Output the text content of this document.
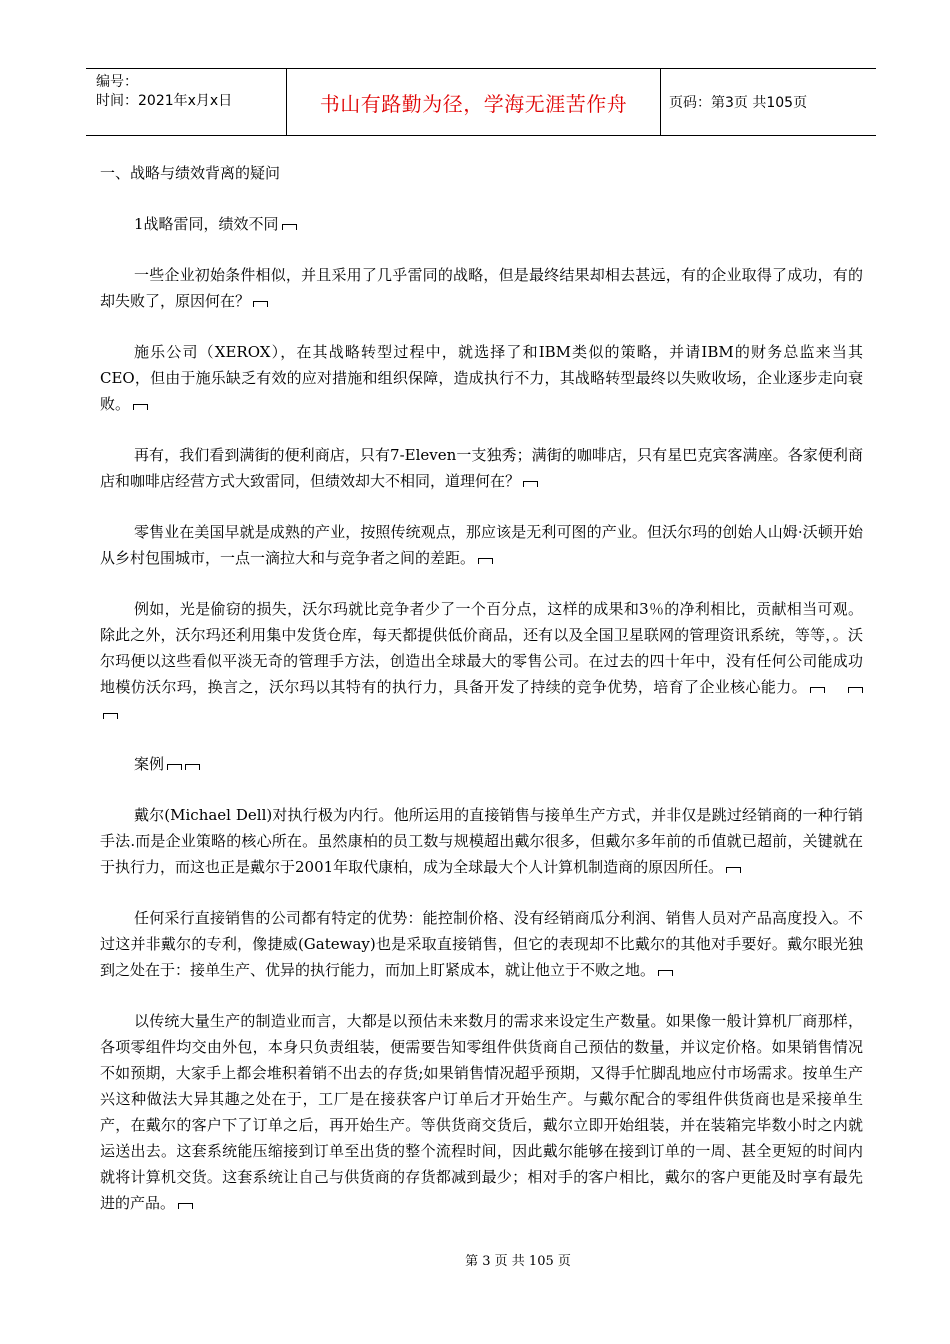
编号：
时间：2021年x月x日	书山有路勤为径，学海无涯苦作舟	页码：第3页 共105页

一、战略与绩效背离的疑问

1战略雷同，绩效不同

一些企业初始条件相似，并且采用了几乎雷同的战略，但是最终结果却相去甚远，有的企业取得了成功，有的却失败了，原因何在？

施乐公司（XEROX），在其战略转型过程中，就选择了和IBM类似的策略，并请IBM的财务总监来当其CEO，但由于施乐缺乏有效的应对措施和组织保障，造成执行不力，其战略转型最终以失败收场，企业逐步走向衰败。

再有，我们看到满街的便利商店，只有7-Eleven一支独秀；满街的咖啡店，只有星巴克宾客满座。各家便利商店和咖啡店经营方式大致雷同，但绩效却大不相同，道理何在？

零售业在美国早就是成熟的产业，按照传统观点，那应该是无利可图的产业。但沃尔玛的创始人山姆·沃顿开始从乡村包围城市，一点一滴拉大和与竞争者之间的差距。

例如，光是偷窃的损失，沃尔玛就比竞争者少了一个百分点，这样的成果和3％的净利相比，贡献相当可观。除此之外，沃尔玛还利用集中发货仓库，每天都提供低价商品，还有以及全国卫星联网的管理资讯系统，等等，。沃尔玛便以这些看似平淡无奇的管理手方法，创造出全球最大的零售公司。在过去的四十年中，没有任何公司能成功地模仿沃尔玛，换言之，沃尔玛以其特有的执行力，具备开发了持续的竞争优势，培育了企业核心能力。

案例

戴尔(Michael Dell)对执行极为内行。他所运用的直接销售与接单生产方式，并非仅是跳过经销商的一种行销手法.而是企业策略的核心所在。虽然康柏的员工数与规模超出戴尔很多，但戴尔多年前的币值就已超前，关键就在于执行力，而这也正是戴尔于2001年取代康柏，成为全球最大个人计算机制造商的原因所任。

任何采行直接销售的公司都有特定的优势：能控制价格、没有经销商瓜分利润、销售人员对产品高度投入。不过这并非戴尔的专利，像捷威(Gateway)也是采取直接销售，但它的表现却不比戴尔的其他对手要好。戴尔眼光独到之处在于：接单生产、优异的执行能力，而加上盯紧成本，就让他立于不败之地。

以传统大量生产的制造业而言，大都是以预估未来数月的需求来设定生产数量。如果像一般计算机厂商那样，各项零组件均交由外包，本身只负责组装，便需要告知零组件供货商自己预估的数量，并议定价格。如果销售情况不如预期，大家手上都会堆积着销不出去的存货;如果销售情况超乎预期，又得手忙脚乱地应付市场需求。按单生产兴这种做法大异其趣之处在于，工厂是在接获客户订单后才开始生产。与戴尔配合的零组件供货商也是采接单生产，在戴尔的客户下了订单之后，再开始生产。等供货商交货后，戴尔立即开始组装，并在装箱完毕数小时之内就运送出去。这套系统能压缩接到订单至出货的整个流程时间，因此戴尔能够在接到订单的一周、甚全更短的时间内就将计算机交货。这套系统让自己与供货商的存货都减到最少；相对手的客户相比，戴尔的客户更能及时享有最先进的产品。

第 3 页 共 105 页
